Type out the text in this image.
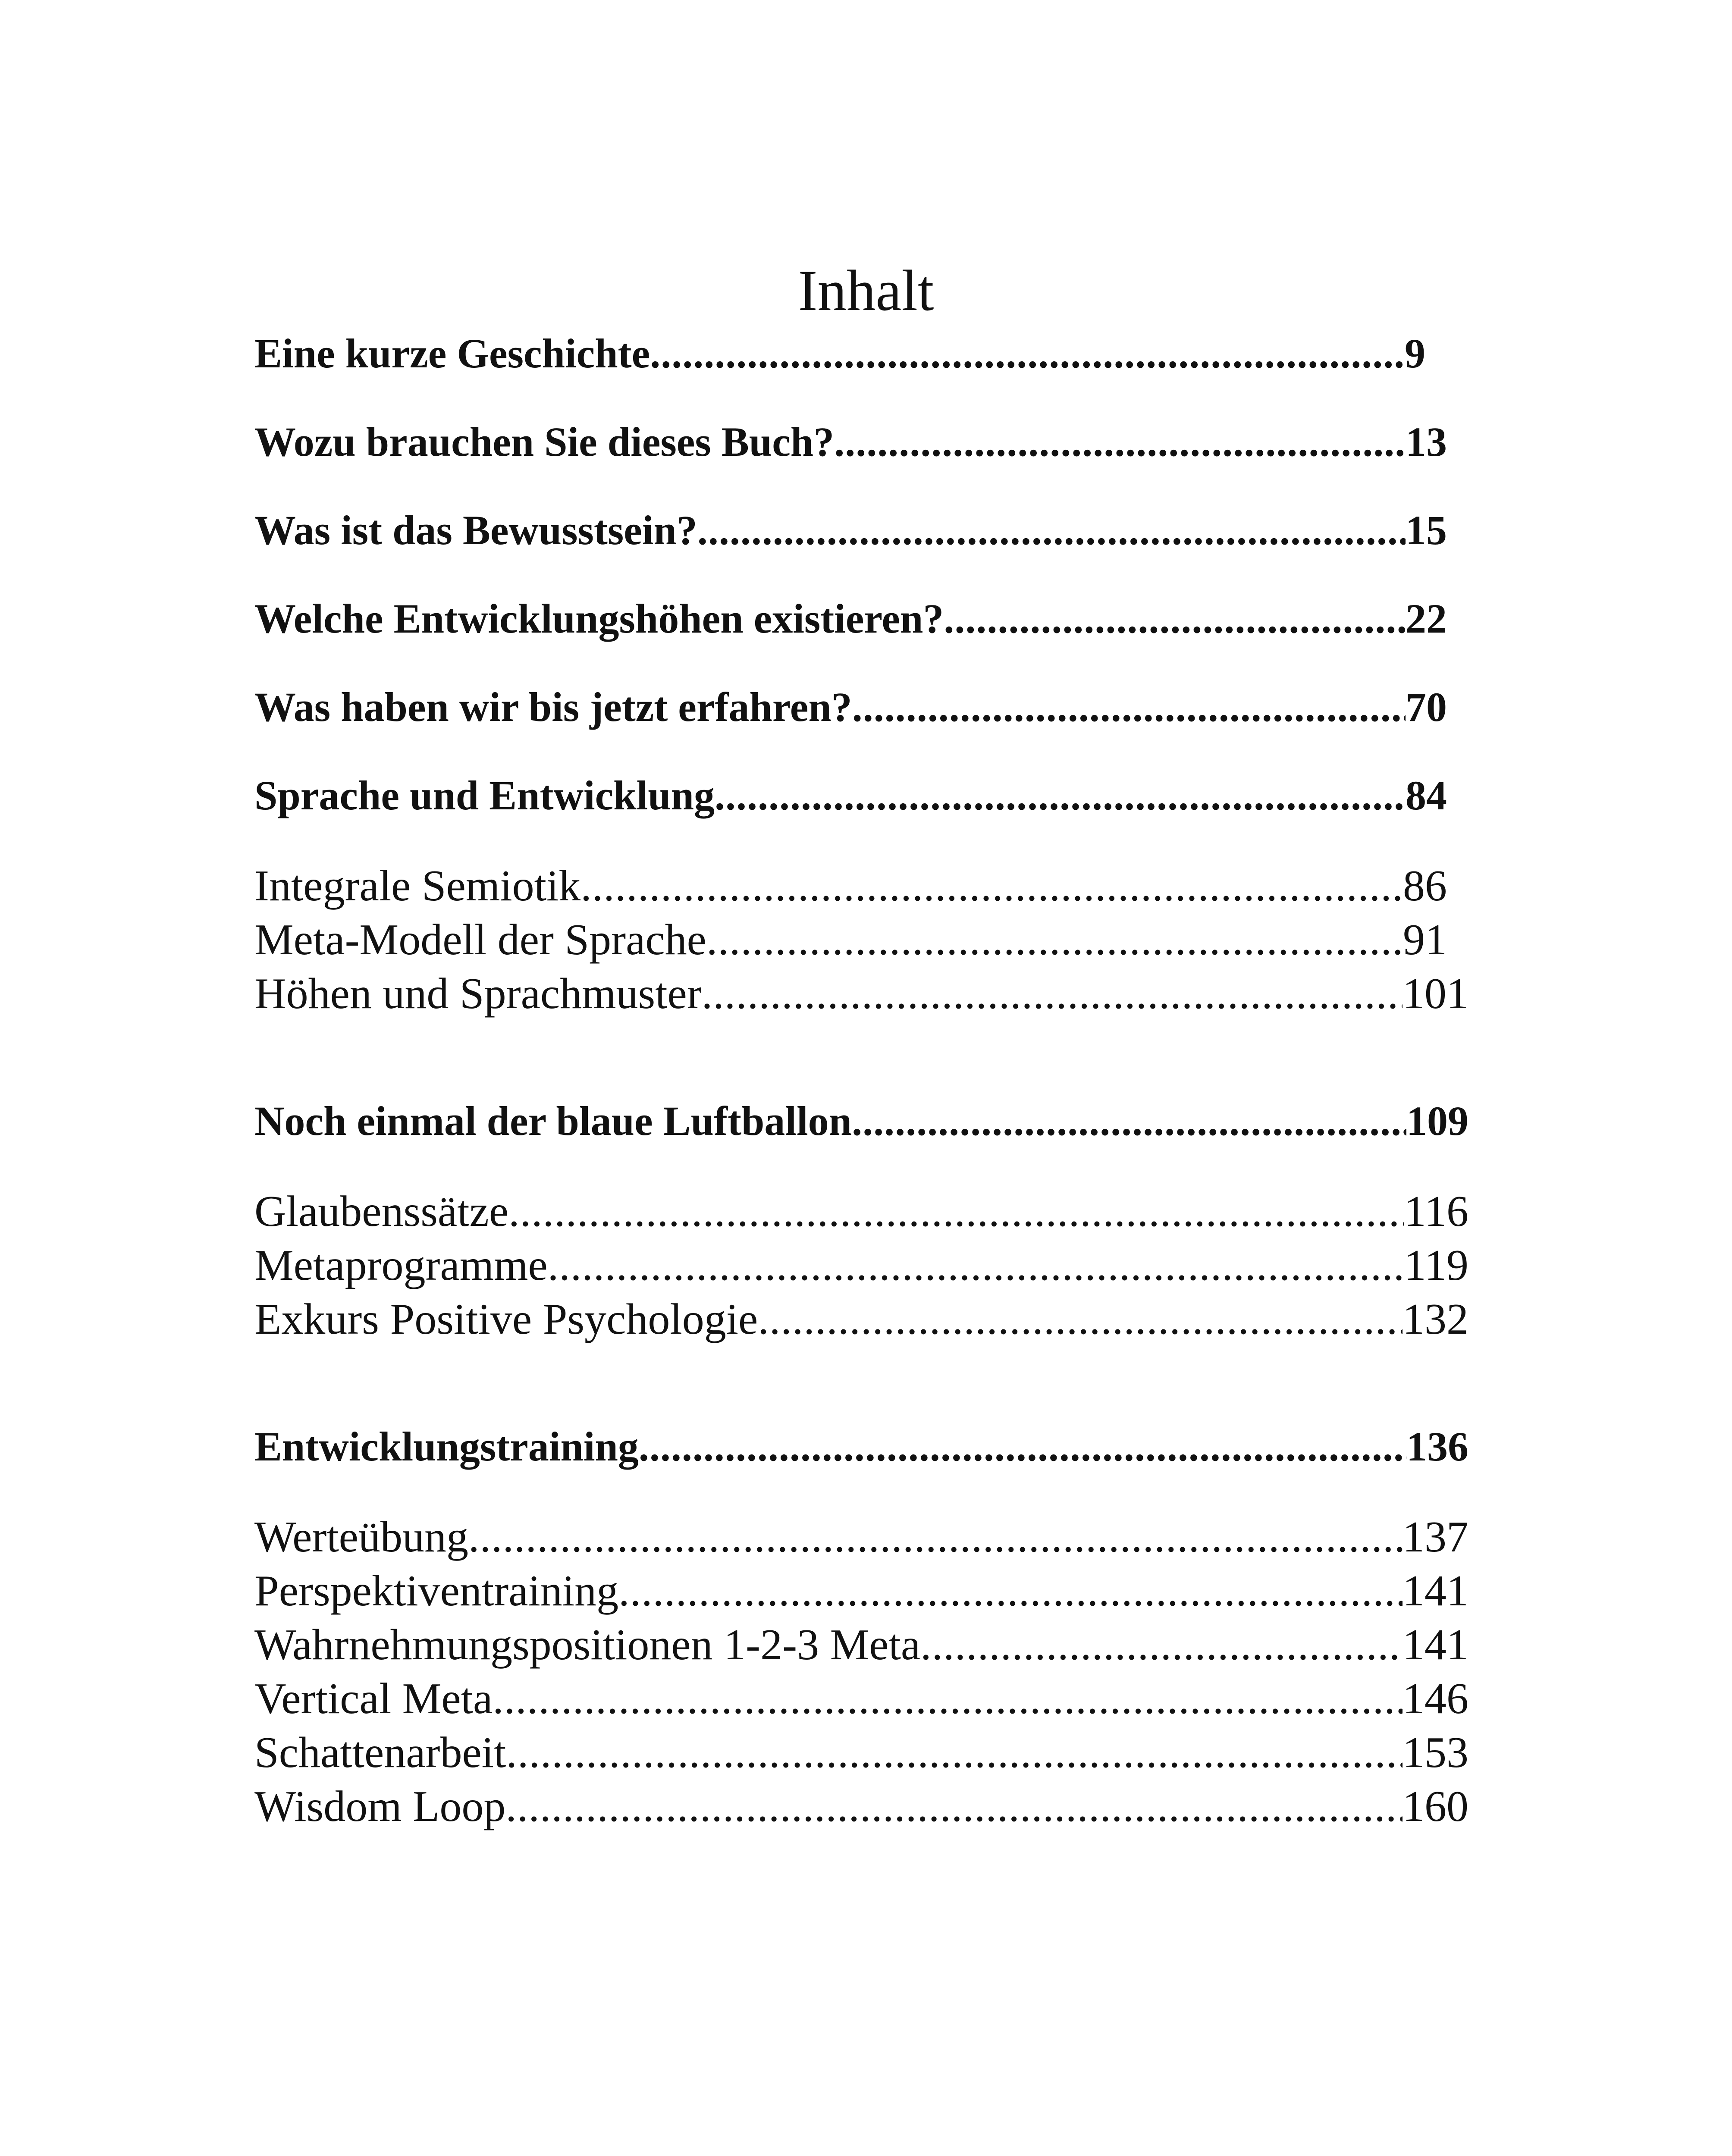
Inhalt
Eine kurze Geschichte .....	9
Wozu brauchen Sie dieses Buch? .....	13
Was ist das Bewusstsein? .....	15
Welche Entwicklungshöhen existieren? .....	22
Was haben wir bis jetzt erfahren? .....	70
Sprache und Entwicklung .....	84
Integrale Semiotik .....	86
Meta-Modell der Sprache .....	91
Höhen und Sprachmuster .....	101
Noch einmal der blaue Luftballon .....	109
Glaubenssätze .....	116
Metaprogramme .....	119
Exkurs Positive Psychologie .....	132
Entwicklungstraining .....	136
Werteübung .....	137
Perspektiventraining .....	141
Wahrnehmungspositionen 1-2-3 Meta .....	141
Vertical Meta .....	146
Schattenarbeit .....	153
Wisdom Loop .....	160
